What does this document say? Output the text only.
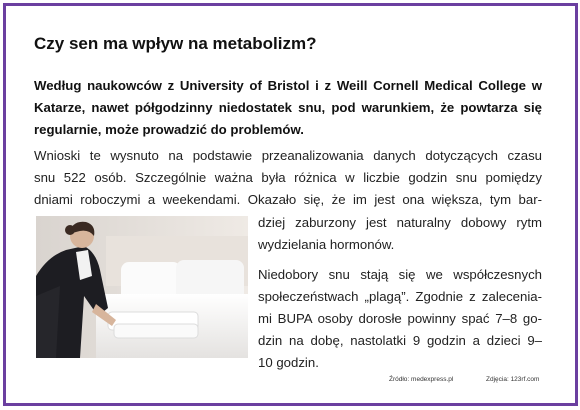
Czy sen ma wpływ na metabolizm?

Według naukowców z University of Bristol i z Weill Cornell Medical College w Katarze, nawet półgodzinny niedostatek snu, pod warunkiem, że powtarza się regularnie, może prowadzić do problemów.

Wnioski te wysnuto na podstawie przeanalizowania danych dotyczących czasu
snu 522 osób. Szczególnie ważna była różnica w liczbie godzin snu pomiędzy
dniami roboczymi a weekendami. Okazało się, że im jest ona większa, tym bar-

dziej zaburzony jest naturalny dobowy rytm
wydzielania hormonów.
Niedobory snu stają się we współczesnych
społeczeństwach „plagą”. Zgodnie z zalecenia-
mi BUPA osoby dorosłe powinny spać 7–8 go-
dzin na dobę, nastolatki 9 godzin a dzieci 9–
10 godzin.
Źródło: medexpress.pl	Zdjęcia: 123rf.com
